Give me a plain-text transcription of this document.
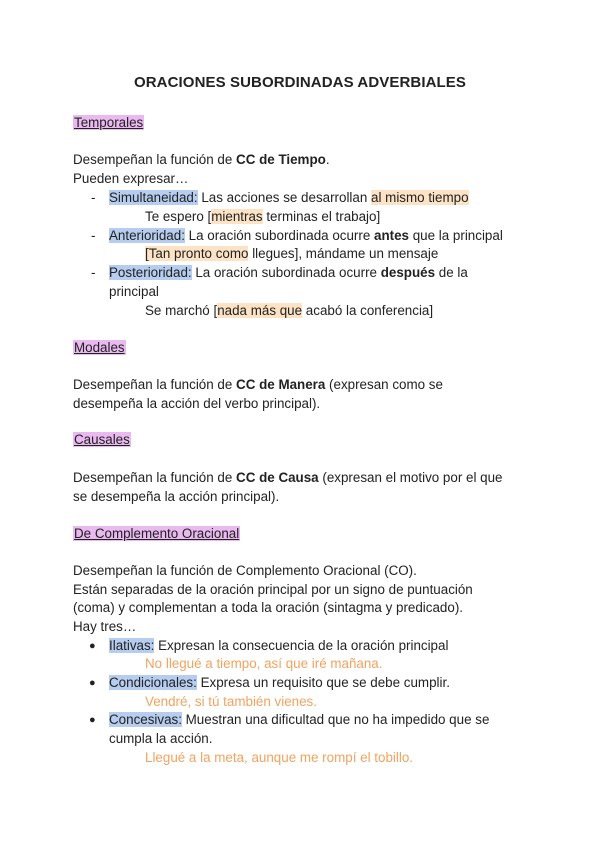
ORACIONES SUBORDINADAS ADVERBIALES
Temporales
Desempeñan la función de CC de Tiempo.
Pueden expresar…
- Simultaneidad: Las acciones se desarrollan al mismo tiempo
Te espero [mientras terminas el trabajo]
- Anterioridad: La oración subordinada ocurre antes que la principal
[Tan pronto como llegues], mándame un mensaje
- Posterioridad: La oración subordinada ocurre después de la
principal
Se marchó [nada más que acabó la conferencia]
Modales
Desempeñan la función de CC de Manera (expresan como se
desempeña la acción del verbo principal).
Causales
Desempeñan la función de CC de Causa (expresan el motivo por el que
se desempeña la acción principal).
De Complemento Oracional
Desempeñan la función de Complemento Oracional (CO).
Están separadas de la oración principal por un signo de puntuación
(coma) y complementan a toda la oración (sintagma y predicado).
Hay tres…
● Ilativas: Expresan la consecuencia de la oración principal
No llegué a tiempo, así que iré mañana.
● Condicionales: Expresa un requisito que se debe cumplir.
Vendré, si tú también vienes.
● Concesivas: Muestran una dificultad que no ha impedido que se
cumpla la acción.
Llegué a la meta, aunque me rompí el tobillo.
